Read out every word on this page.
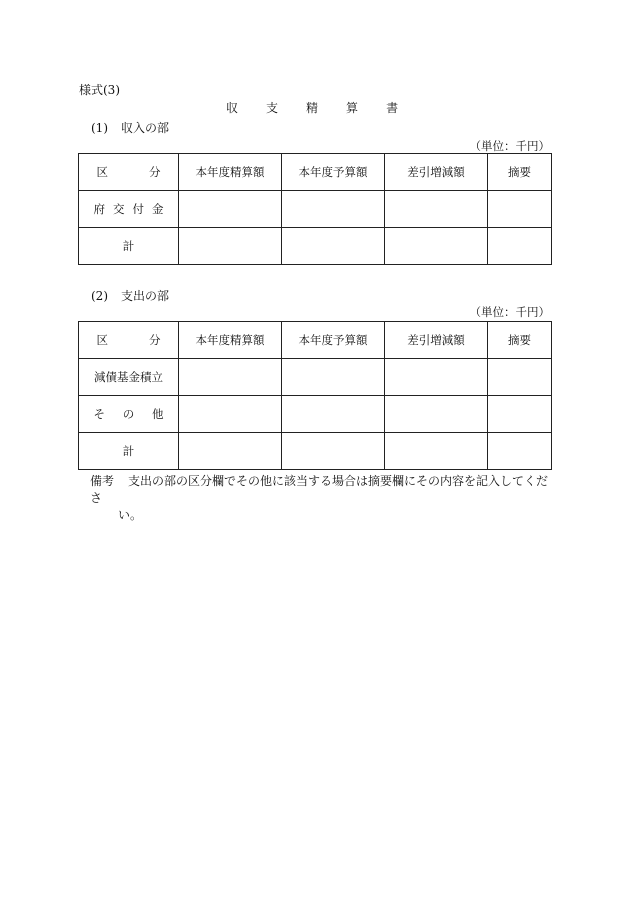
様式(3)
収 支 精 算 書
(1) 収入の部
（単位：千円）
区　分	本年度精算額	本年度予算額	差引増減額	摘要
府交付金				
計				
(2) 支出の部
（単位：千円）
区　分	本年度精算額	本年度予算額	差引増減額	摘要
減債基金積立				
その他				
計				
備考 支出の部の区分欄でその他に該当する場合は摘要欄にその内容を記入してくださ
い。
